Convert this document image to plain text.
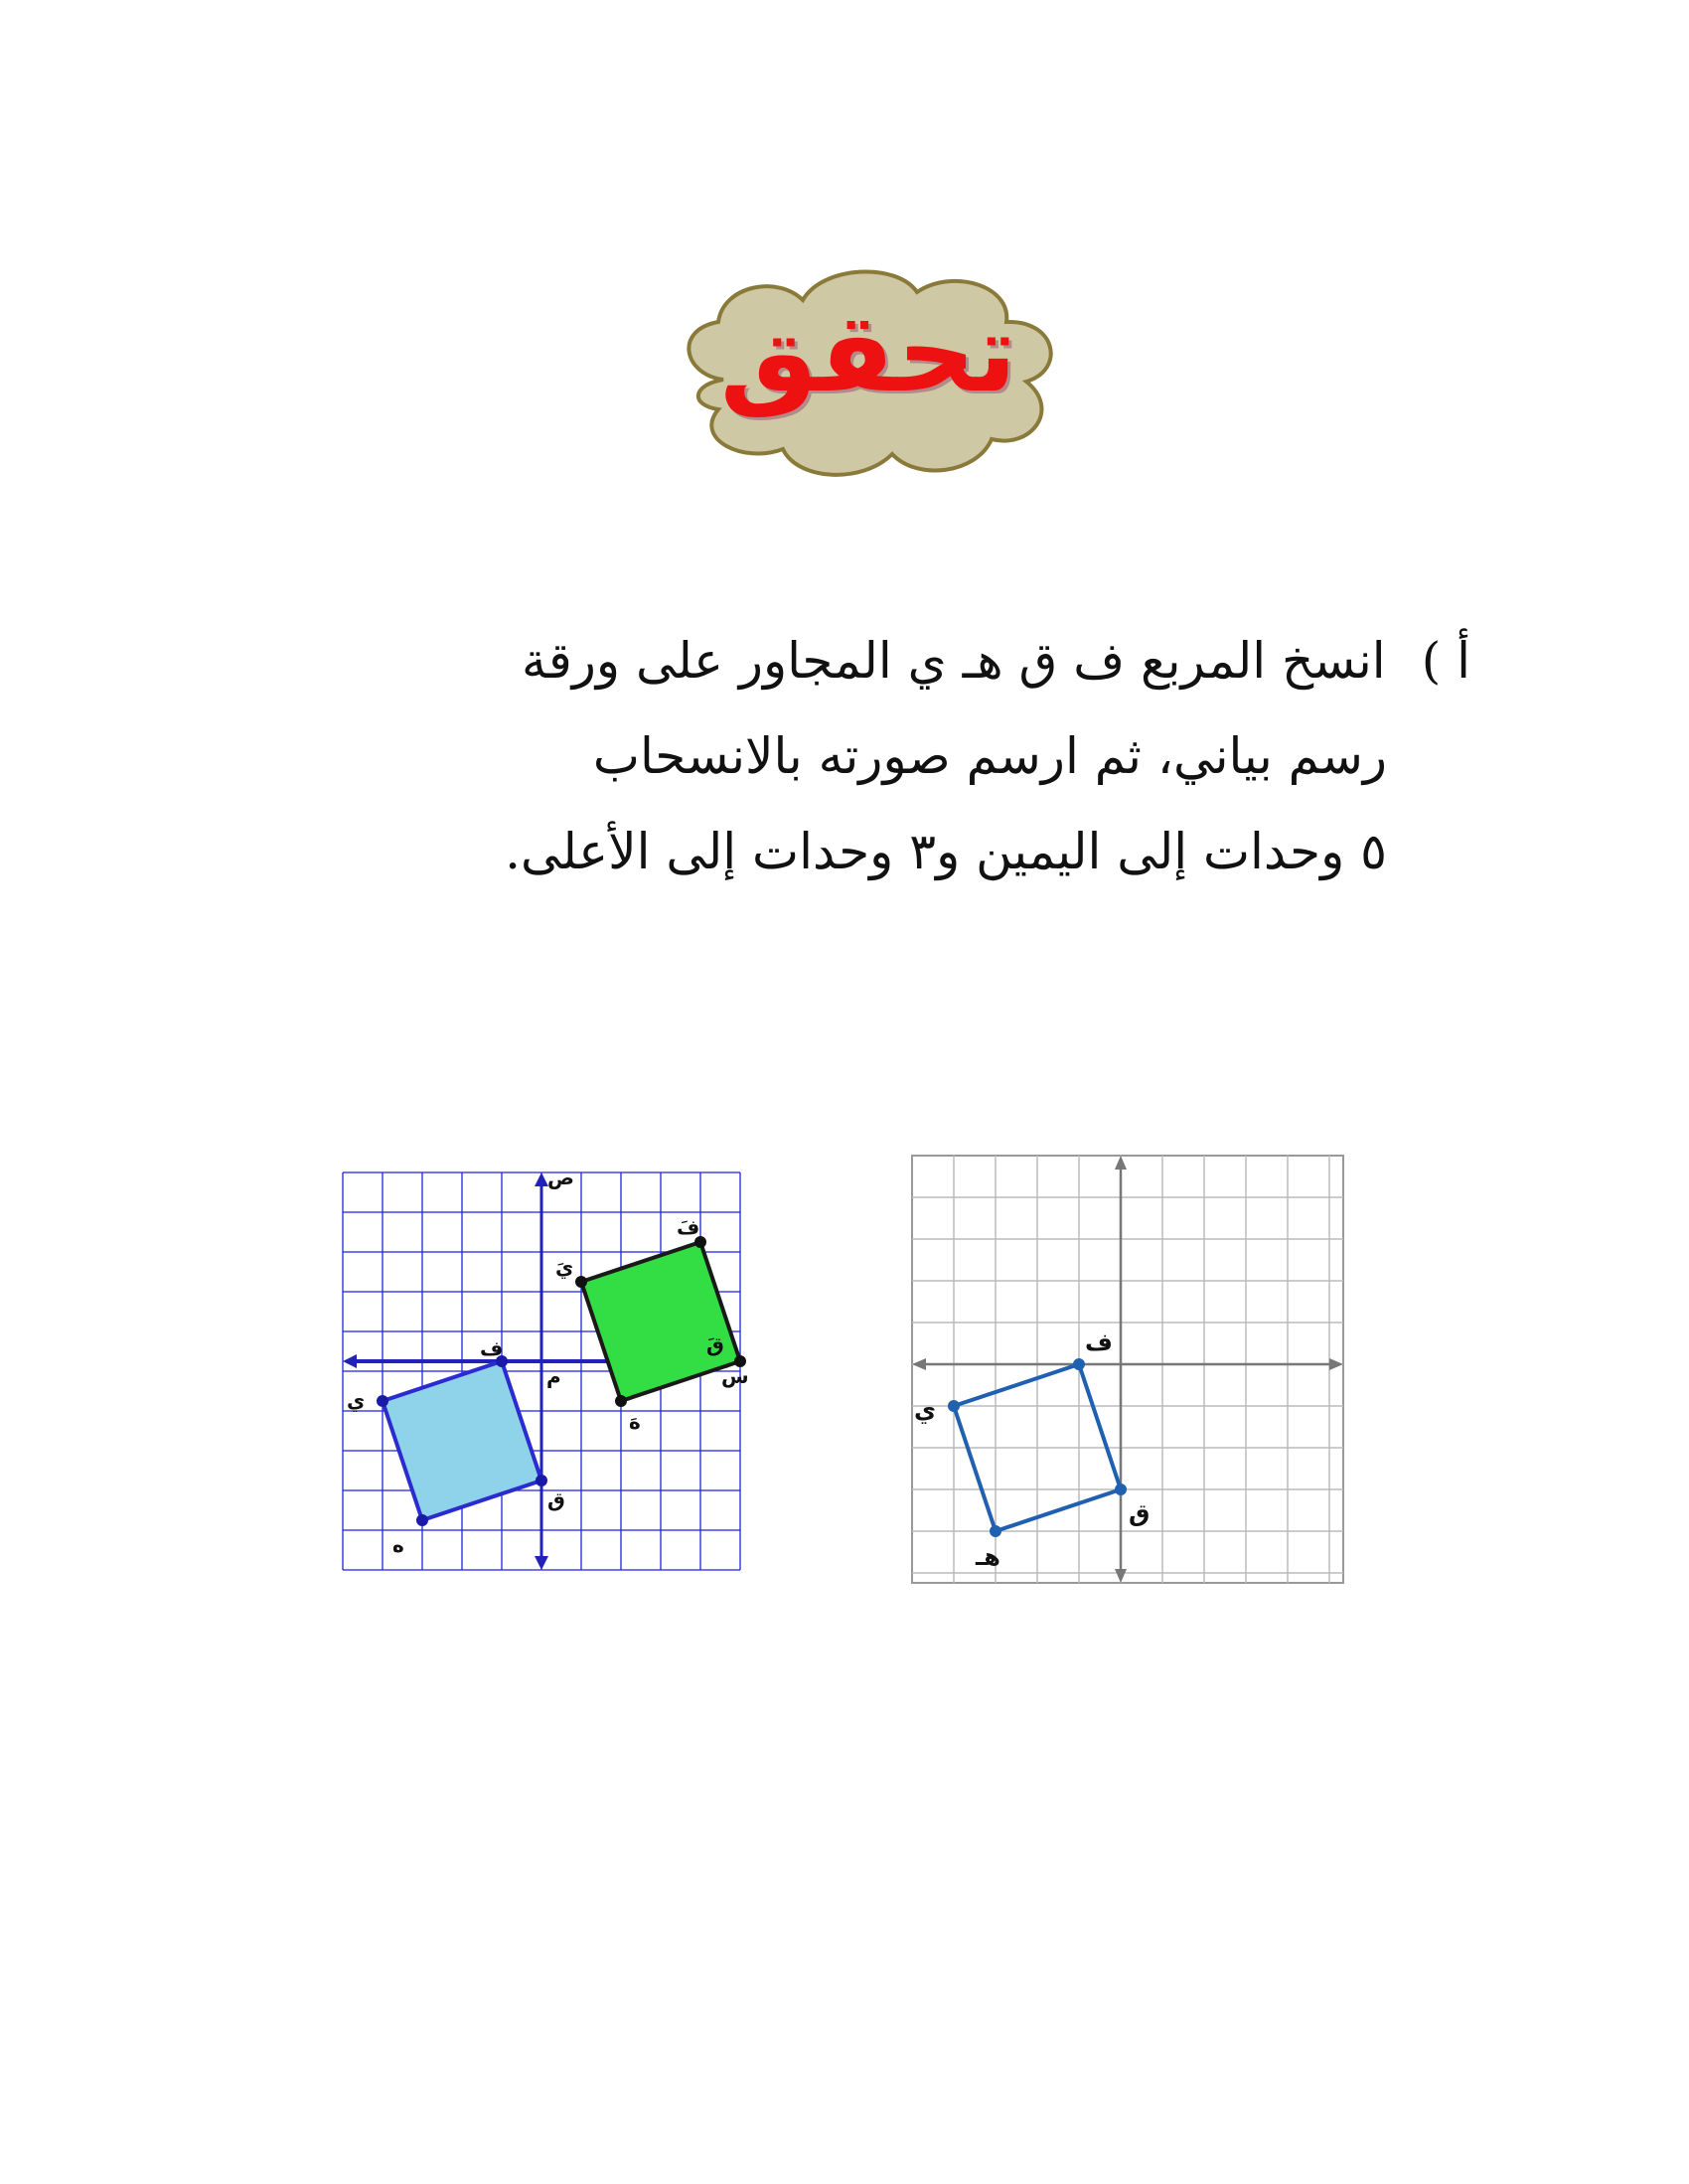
تحقق
أ )انسخ المربع ف ق هـ ي المجاور على ورقة
رسم بياني، ثم ارسم صورته بالانسحاب
٥ وحدات إلى اليمين و٣ وحدات إلى الأعلى.
ص
س
م
ف
ق
ه
ي
فَ
قَ
هَ
يَ
ف
ق
هـ
ي
